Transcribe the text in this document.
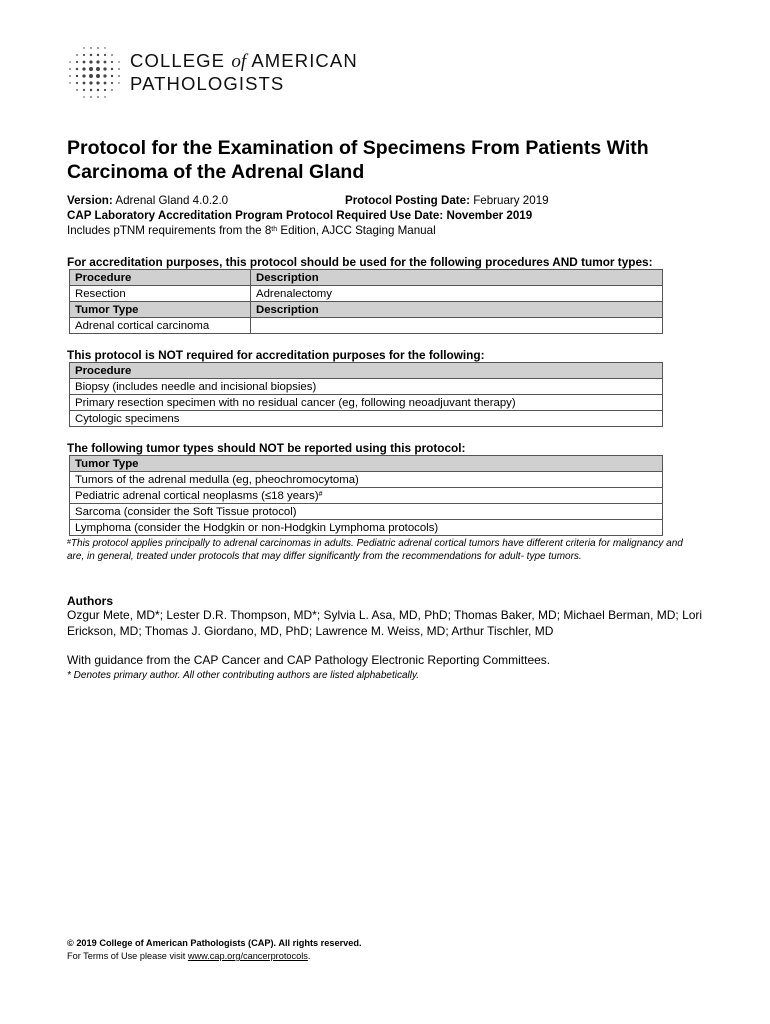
COLLEGE of AMERICAN
PATHOLOGISTS
Protocol for the Examination of Specimens From Patients With Carcinoma of the Adrenal Gland
Version: Adrenal Gland 4.0.2.0	Protocol Posting Date: February 2019
CAP Laboratory Accreditation Program Protocol Required Use Date: November 2019
Includes pTNM requirements from the 8th Edition, AJCC Staging Manual
For accreditation purposes, this protocol should be used for the following procedures AND tumor types:
Procedure	Description
Resection	Adrenalectomy
Tumor Type	Description
Adrenal cortical carcinoma	
This protocol is NOT required for accreditation purposes for the following:
Procedure
Biopsy (includes needle and incisional biopsies)
Primary resection specimen with no residual cancer (eg, following neoadjuvant therapy)
Cytologic specimens
The following tumor types should NOT be reported using this protocol:
Tumor Type
Tumors of the adrenal medulla (eg, pheochromocytoma)
Pediatric adrenal cortical neoplasms (≤18 years)#
Sarcoma (consider the Soft Tissue protocol)
Lymphoma (consider the Hodgkin or non-Hodgkin Lymphoma protocols)
#This protocol applies principally to adrenal carcinomas in adults. Pediatric adrenal cortical tumors have different criteria for malignancy and are, in general, treated under protocols that may differ significantly from the recommendations for adult- type tumors.
Authors
Ozgur Mete, MD*; Lester D.R. Thompson, MD*; Sylvia L. Asa, MD, PhD; Thomas Baker, MD; Michael Berman, MD; Lori Erickson, MD; Thomas J. Giordano, MD, PhD; Lawrence M. Weiss, MD; Arthur Tischler, MD
With guidance from the CAP Cancer and CAP Pathology Electronic Reporting Committees.
* Denotes primary author. All other contributing authors are listed alphabetically.
© 2019 College of American Pathologists (CAP). All rights reserved.
For Terms of Use please visit www.cap.org/cancerprotocols.
